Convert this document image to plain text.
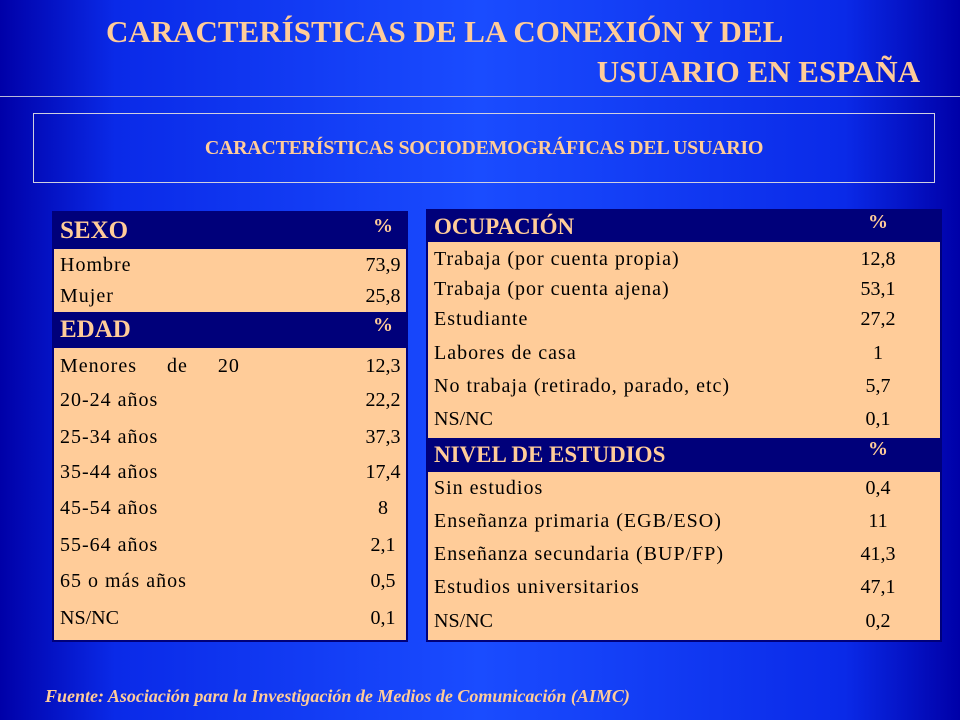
CARACTERÍSTICAS DE LA CONEXIÓN Y DEL
USUARIO EN ESPAÑA
CARACTERÍSTICAS SOCIODEMOGRÁFICAS DEL USUARIO
SEXO	%
Hombre	73,9
Mujer	25,8
EDAD	%
Menores     de     20	12,3
20-24 años	22,2
25-34 años	37,3
35-44 años	17,4
45-54 años	8
55-64 años	2,1
65 o más años	0,5
NS/NC	0,1
OCUPACIÓN	%
Trabaja (por cuenta propia)	12,8
Trabaja (por cuenta ajena)	53,1
Estudiante	27,2
Labores de casa	1
No trabaja (retirado, parado, etc)	5,7
NS/NC	0,1
NIVEL DE ESTUDIOS	%
Sin estudios	0,4
Enseñanza primaria (EGB/ESO)	11
Enseñanza secundaria (BUP/FP)	41,3
Estudios universitarios	47,1
NS/NC	0,2
Fuente: Asociación para la Investigación de Medios de Comunicación (AIMC)
